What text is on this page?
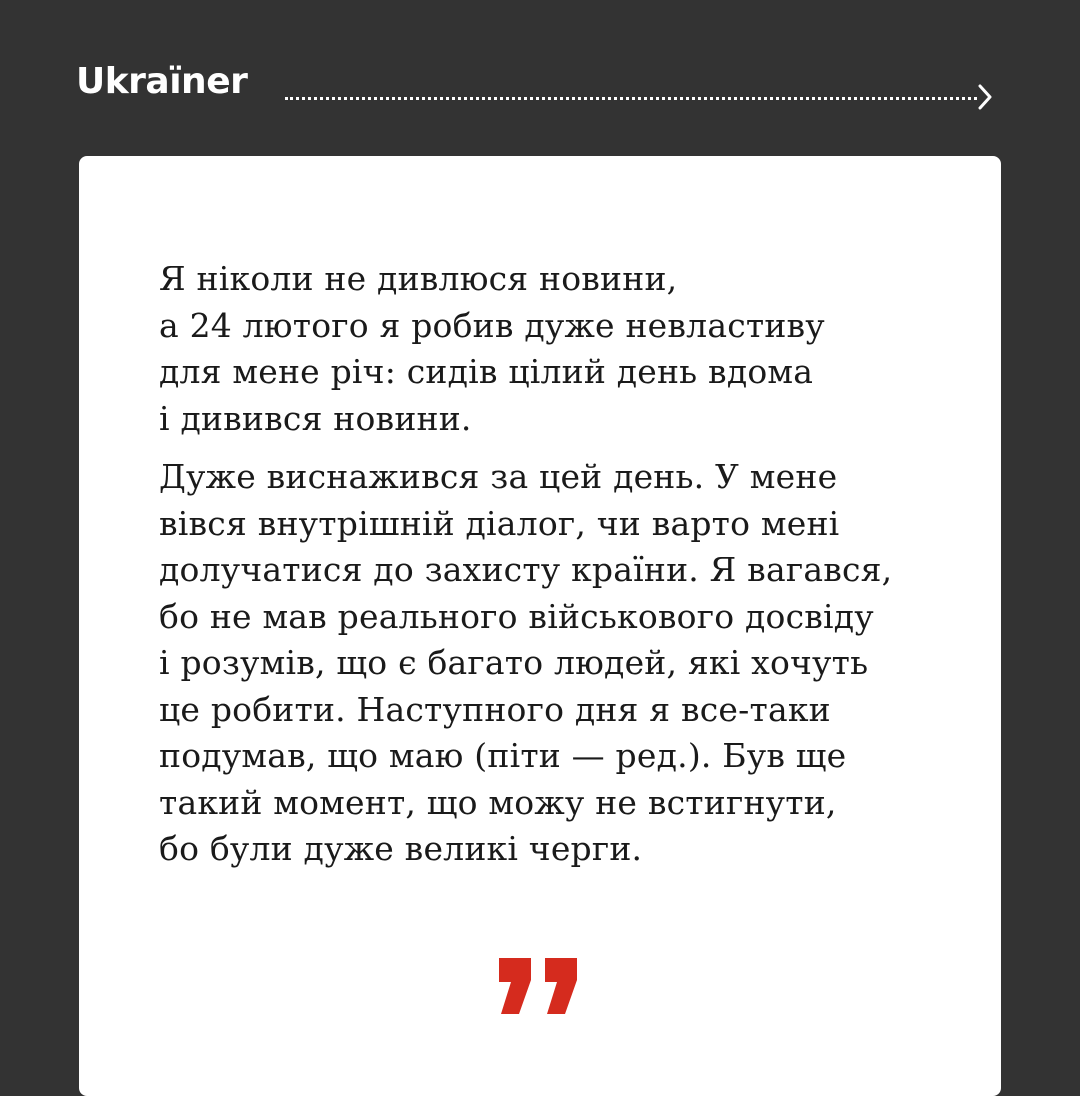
Ukraїner

Я ніколи не дивлюся новини,
а 24 лютого я робив дуже невластиву
для мене річ: сидів цілий день вдома
і дивився новини.

Дуже виснажився за цей день. У мене
вівся внутрішній діалог, чи варто мені
долучатися до захисту країни. Я вагався,
бо не мав реального військового досвіду
і розумів, що є багато людей, які хочуть
це робити. Наступного дня я все-таки
подумав, що маю (піти — ред.). Був ще
такий момент, що можу не встигнути,
бо були дуже великі черги.
